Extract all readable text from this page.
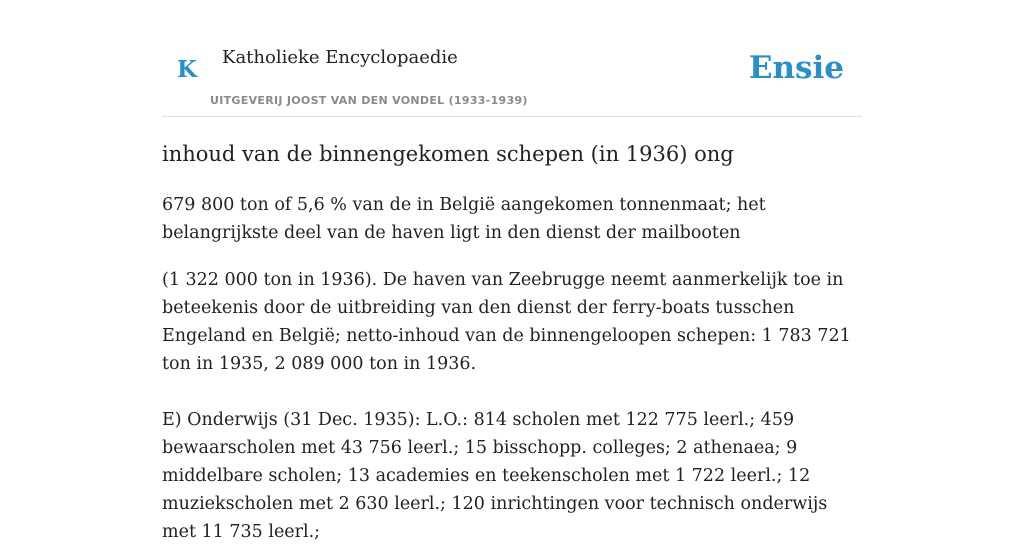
K Katholieke Encyclopaedie
UITGEVERIJ JOOST VAN DEN VONDEL (1933-1939)
Ensie
inhoud van de binnengekomen schepen (in 1936) ong

679 800 ton of 5,6 % van de in België aangekomen tonnenmaat; het belangrijkste deel van de haven ligt in den dienst der mailbooten

(1 322 000 ton in 1936). De haven van Zeebrugge neemt aanmerkelijk toe in beteekenis door de uitbreiding van den dienst der ferry-boats tusschen Engeland en België; netto-inhoud van de binnengeloopen schepen: 1 783 721 ton in 1935, 2 089 000 ton in 1936.

E) Onderwijs (31 Dec. 1935): L.O.: 814 scholen met 122 775 leerl.; 459 bewaarscholen met 43 756 leerl.; 15 bisschopp. colleges; 2 athenaea; 9 middelbare scholen; 13 academies en teekenscholen met 1 722 leerl.; 12 muziekscholen met 2 630 leerl.; 120 inrichtingen voor technisch onderwijs met 11 735 leerl.;
